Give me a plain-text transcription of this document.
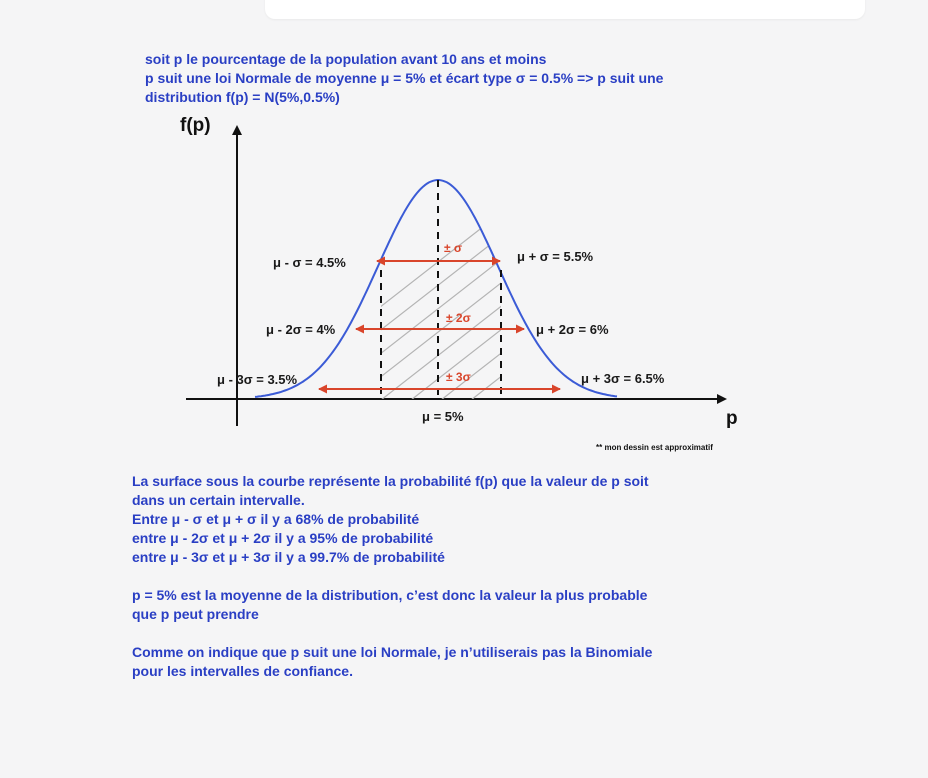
soit p le pourcentage de la population avant 10 ans et moins
p suit une loi Normale de moyenne μ = 5% et écart type σ = 0.5% => p suit une
distribution f(p) = N(5%,0.5%)
± σ
± 2σ
± 3σ
f(p)
p
μ = 5%
μ - σ = 4.5%	μ + σ = 5.5%
μ - 2σ = 4%	μ + 2σ = 6%
μ - 3σ = 3.5%	μ + 3σ = 6.5%
** mon dessin est approximatif
La surface sous la courbe représente la probabilité f(p) que la valeur de p soit
dans un certain intervalle.
Entre μ - σ et μ + σ il y a 68% de probabilité
entre μ - 2σ et μ + 2σ il y a 95% de probabilité
entre μ - 3σ et μ + 3σ il y a 99.7% de probabilité
p = 5% est la moyenne de la distribution, c’est donc la valeur la plus probable
que p peut prendre
Comme on indique que p suit une loi Normale, je n’utiliserais pas la Binomiale
pour les intervalles de confiance.
